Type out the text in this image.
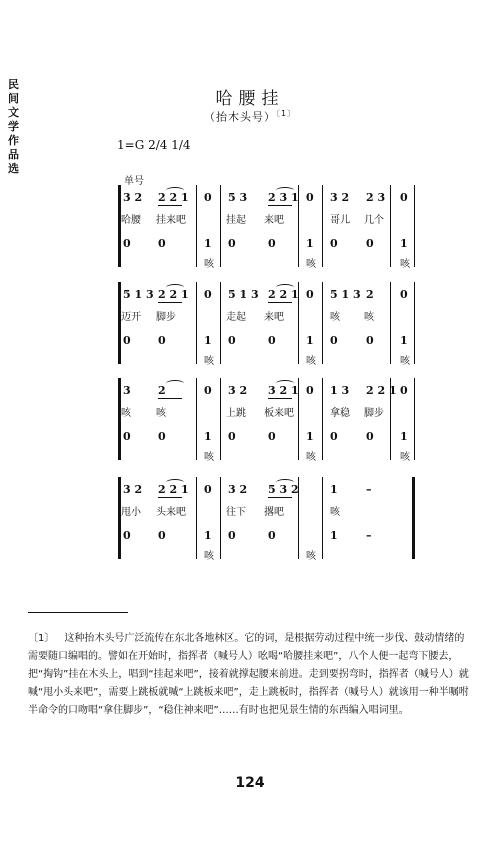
民间文学作品选
哈腰挂
（抬木头号）$^{〔1〕}$
1=G 2/4 1/4
单号
3 2 2 2 1 0 5 3 2 3 1 0 3 2 2 3 0
哈腰 挂来吧	挂起 来吧	哥儿 几个
0 0	1 0	0	1 0	0 1
咳	咳	咳
5 1 3 2 2 1 0 5 1 3 2 2 1 0 5 1 3 2 0
迈开 脚步	走起 来吧	咳 咳
0 0	1 0	0	1 0	0 1
咳	咳	咳
3 2	0 3 2 3 2 1 0 1 3 2 2 1 0
咳	咳	上跳 板来吧	拿稳 脚步
0 0	1 0	0	1 0	0 1
咳	咳	咳
3 2 2 2 1 0 3 2 5 3 2	1	–
甩小 头来吧	往下 撂吧	咳
0 0	1 0	0	1	–
咳	咳
〔1〕 这种抬木头号广泛流传在东北各地林区。它的词，是根据劳动过程中统一步伐、鼓动情绪的需要随口编唱的。譬如在开始时，指挥者（喊号人）吆喝“哈腰挂来吧”，八个人便一起弯下腰去，把“掏钩”挂在木头上，唱到“挂起来吧”，接着就撑起腰来前进。走到要拐弯时，指挥者（喊号人）就喊“甩小头来吧”，需要上跳板就喊“上跳板来吧”，走上跳板时，指挥者（喊号人）就该用一种半嘱咐半命令的口吻唱“拿住脚步”，“稳住神来吧”……有时也把见景生情的东西编入唱词里。
124
